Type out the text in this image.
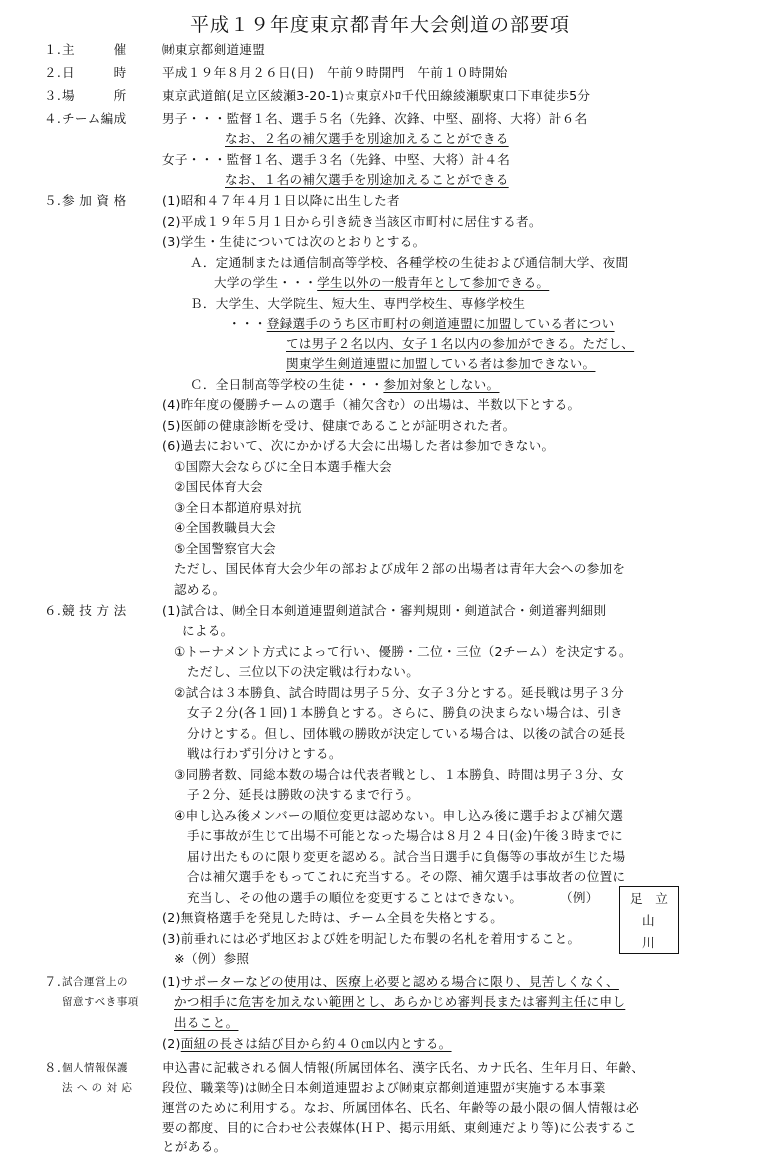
平成１９年度東京都青年大会剣道の部要項
１. 主　　　催	㈶東京都剣道連盟
２. 日　　　時	平成１９年８月２６日(日)　午前９時開門　午前１０時開始
３. 場　　　所	東京武道館(足立区綾瀬3-20-1)☆東京ﾒﾄﾛ千代田線綾瀬駅東口下車徒歩5分
４. チーム編成	男子・・・監督１名、選手５名（先鋒、次鋒、中堅、副将、大将）計６名
なお、２名の補欠選手を別途加えることができる
女子・・・監督１名、選手３名（先鋒、中堅、大将）計４名
なお、１名の補欠選手を別途加えることができる
５. 参 加 資 格	(1)昭和４７年４月１日以降に出生した者
(2)平成１９年５月１日から引き続き当該区市町村に居住する者。
(3)学生・生徒については次のとおりとする。
Ａ．定通制または通信制高等学校、各種学校の生徒および通信制大学、夜間
大学の学生・・・学生以外の一般青年として参加できる。
Ｂ．大学生、大学院生、短大生、専門学校生、専修学校生
・・・登録選手のうち区市町村の剣道連盟に加盟している者につい
ては男子２名以内、女子１名以内の参加ができる。ただし、
関東学生剣道連盟に加盟している者は参加できない。
Ｃ．全日制高等学校の生徒・・・参加対象としない。
(4)昨年度の優勝チームの選手（補欠含む）の出場は、半数以下とする。
(5)医師の健康診断を受け、健康であることが証明された者。
(6)過去において、次にかかげる大会に出場した者は参加できない。
①国際大会ならびに全日本選手権大会
②国民体育大会
③全日本都道府県対抗
④全国教職員大会
⑤全国警察官大会
ただし、国民体育大会少年の部および成年２部の出場者は青年大会への参加を
認める。
６. 競 技 方 法	(1)試合は、㈶全日本剣道連盟剣道試合・審判規則・剣道試合・剣道審判細則
による。
①トーナメント方式によって行い、優勝・二位・三位（2チーム）を決定する。
ただし、三位以下の決定戦は行わない。
②試合は３本勝負、試合時間は男子５分、女子３分とする。延長戦は男子３分
女子２分(各１回)１本勝負とする。さらに、勝負の決まらない場合は、引き
分けとする。但し、団体戦の勝敗が決定している場合は、以後の試合の延長
戦は行わず引分けとする。
③同勝者数、同総本数の場合は代表者戦とし、１本勝負、時間は男子３分、女
子２分、延長は勝敗の決するまで行う。
④申し込み後メンバーの順位変更は認めない。申し込み後に選手および補欠選
手に事故が生じて出場不可能となった場合は８月２４日(金)午後３時までに
届け出たものに限り変更を認める。試合当日選手に負傷等の事故が生じた場
合は補欠選手をもってこれに充当する。その際、補欠選手は事故者の位置に
充当し、その他の選手の順位を変更することはできない。	（例）
(2)無資格選手を発見した時は、チーム全員を失格とする。
(3)前垂れには必ず地区および姓を明記した布製の名札を着用すること。
※（例）参照
足　立
山
川
７. 試合運営上の
留意すべき事項
(1)サポーターなどの使用は、医療上必要と認める場合に限り、見苦しくなく、
かつ相手に危害を加えない範囲とし、あらかじめ審判長または審判主任に申し
出ること。
(2)面紐の長さは結び目から約４０㎝以内とする。
８. 個人情報保護
法 へ の 対 応
申込書に記載される個人情報(所属団体名、漢字氏名、カナ氏名、生年月日、年齢、
段位、職業等)は㈶全日本剣道連盟および㈶東京都剣道連盟が実施する本事業
運営のために利用する。なお、所属団体名、氏名、年齢等の最小限の個人情報は必
要の都度、目的に合わせ公表媒体(ＨＰ、掲示用紙、東剣連だより等)に公表するこ
とがある。
